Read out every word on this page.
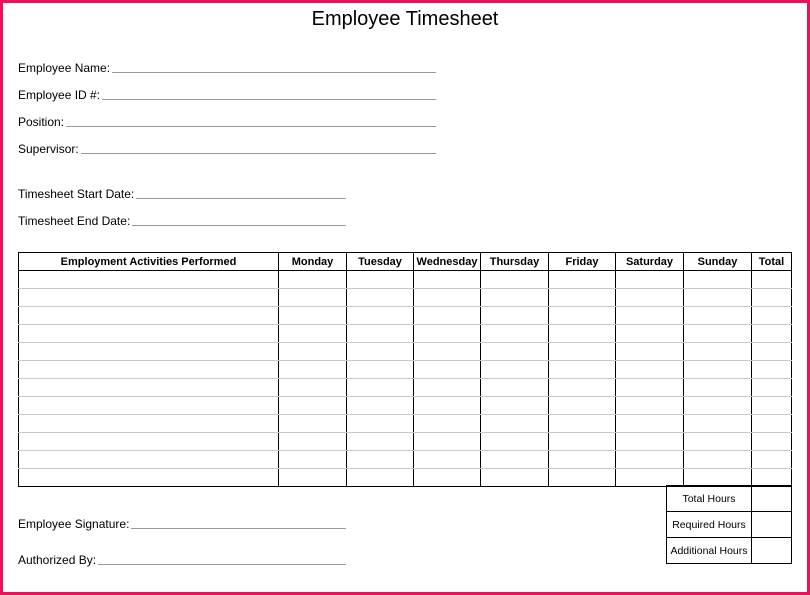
Employee Timesheet
Employee Name:
Employee ID #:
Position:
Supervisor:
Timesheet Start Date:
Timesheet End Date:
Employment Activities Performed	Monday	Tuesday	Wednesday	Thursday	Friday	Saturday	Sunday	Total

Total Hours	
Required Hours	
Additional Hours	
Employee Signature:
Authorized By:
